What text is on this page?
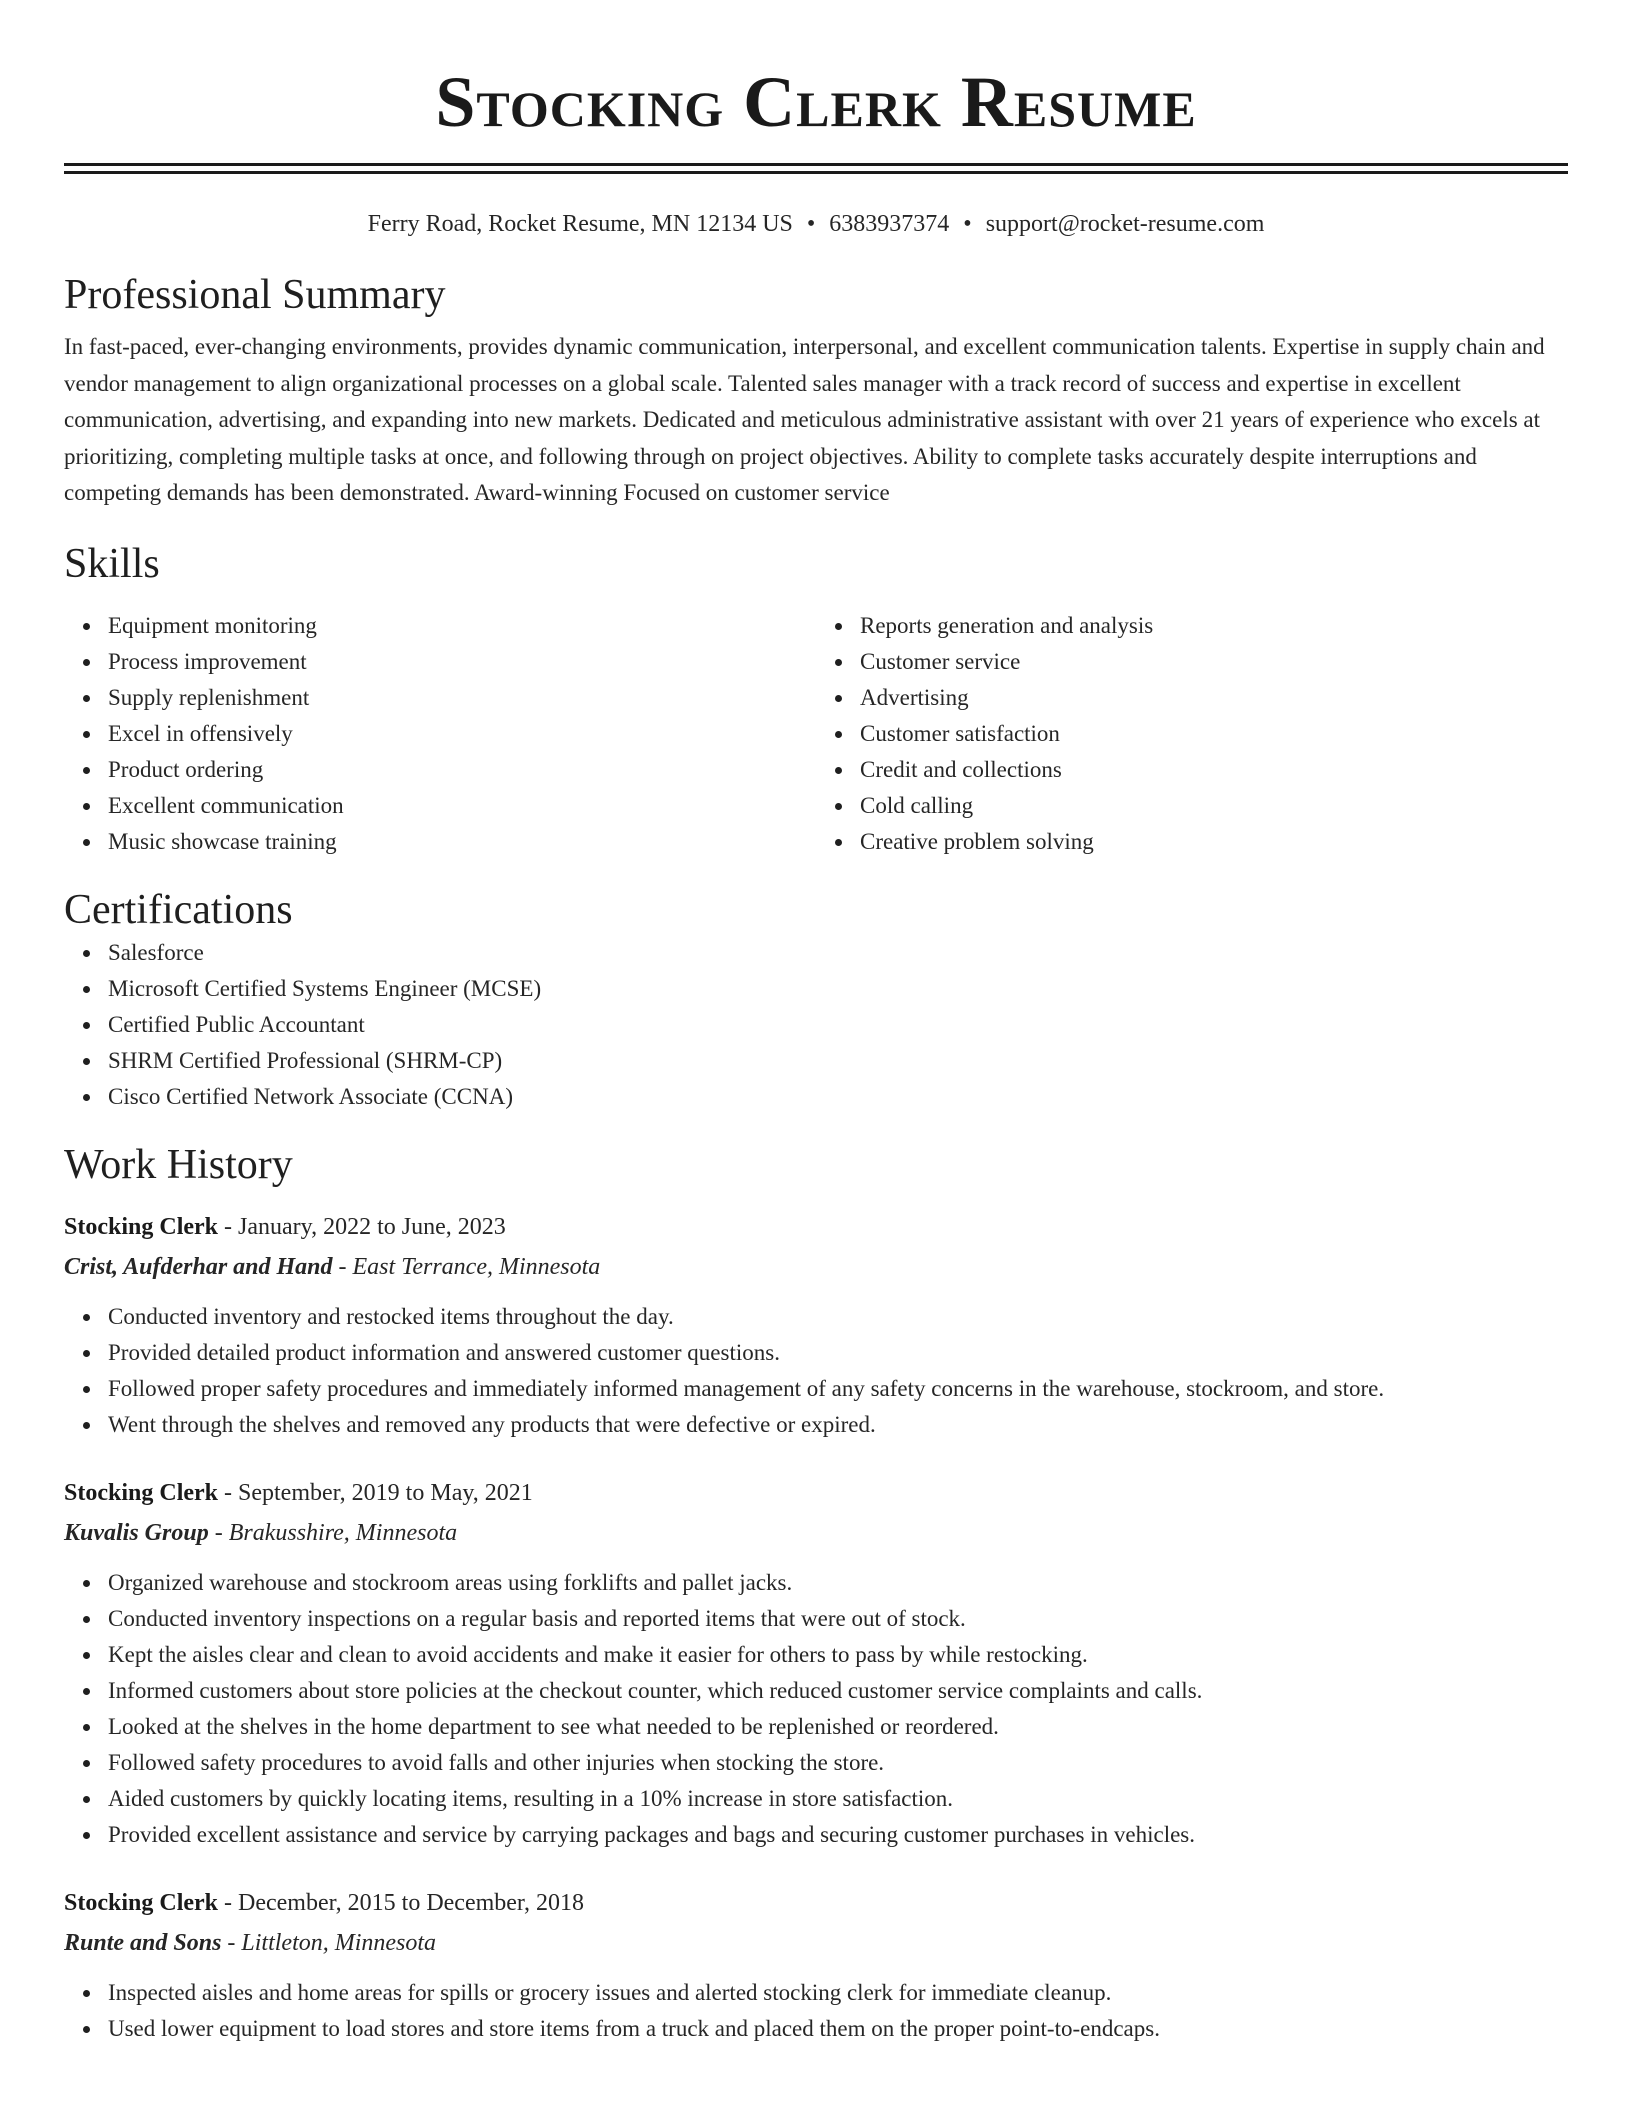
Stocking Clerk Resume
Ferry Road, Rocket Resume, MN 12134 US • 6383937374 • support@rocket-resume.com
Professional Summary

In fast-paced, ever-changing environments, provides dynamic communication, interpersonal, and excellent communication talents. Expertise in supply chain and vendor management to align organizational processes on a global scale. Talented sales manager with a track record of success and expertise in excellent communication, advertising, and expanding into new markets. Dedicated and meticulous administrative assistant with over 21 years of experience who excels at prioritizing, completing multiple tasks at once, and following through on project objectives. Ability to complete tasks accurately despite interruptions and competing demands has been demonstrated. Award-winning Focused on customer service

Skills
Equipment monitoring
Process improvement
Supply replenishment
Excel in offensively
Product ordering
Excellent communication
Music showcase training
Reports generation and analysis
Customer service
Advertising
Customer satisfaction
Credit and collections
Cold calling
Creative problem solving
Certifications
Salesforce
Microsoft Certified Systems Engineer (MCSE)
Certified Public Accountant
SHRM Certified Professional (SHRM-CP)
Cisco Certified Network Associate (CCNA)
Work History
Stocking Clerk - January, 2022 to June, 2023
Crist, Aufderhar and Hand - East Terrance, Minnesota
Conducted inventory and restocked items throughout the day.
Provided detailed product information and answered customer questions.
Followed proper safety procedures and immediately informed management of any safety concerns in the warehouse, stockroom, and store.
Went through the shelves and removed any products that were defective or expired.
Stocking Clerk - September, 2019 to May, 2021
Kuvalis Group - Brakusshire, Minnesota
Organized warehouse and stockroom areas using forklifts and pallet jacks.
Conducted inventory inspections on a regular basis and reported items that were out of stock.
Kept the aisles clear and clean to avoid accidents and make it easier for others to pass by while restocking.
Informed customers about store policies at the checkout counter, which reduced customer service complaints and calls.
Looked at the shelves in the home department to see what needed to be replenished or reordered.
Followed safety procedures to avoid falls and other injuries when stocking the store.
Aided customers by quickly locating items, resulting in a 10% increase in store satisfaction.
Provided excellent assistance and service by carrying packages and bags and securing customer purchases in vehicles.
Stocking Clerk - December, 2015 to December, 2018
Runte and Sons - Littleton, Minnesota
Inspected aisles and home areas for spills or grocery issues and alerted stocking clerk for immediate cleanup.
Used lower equipment to load stores and store items from a truck and placed them on the proper point-to-endcaps.
